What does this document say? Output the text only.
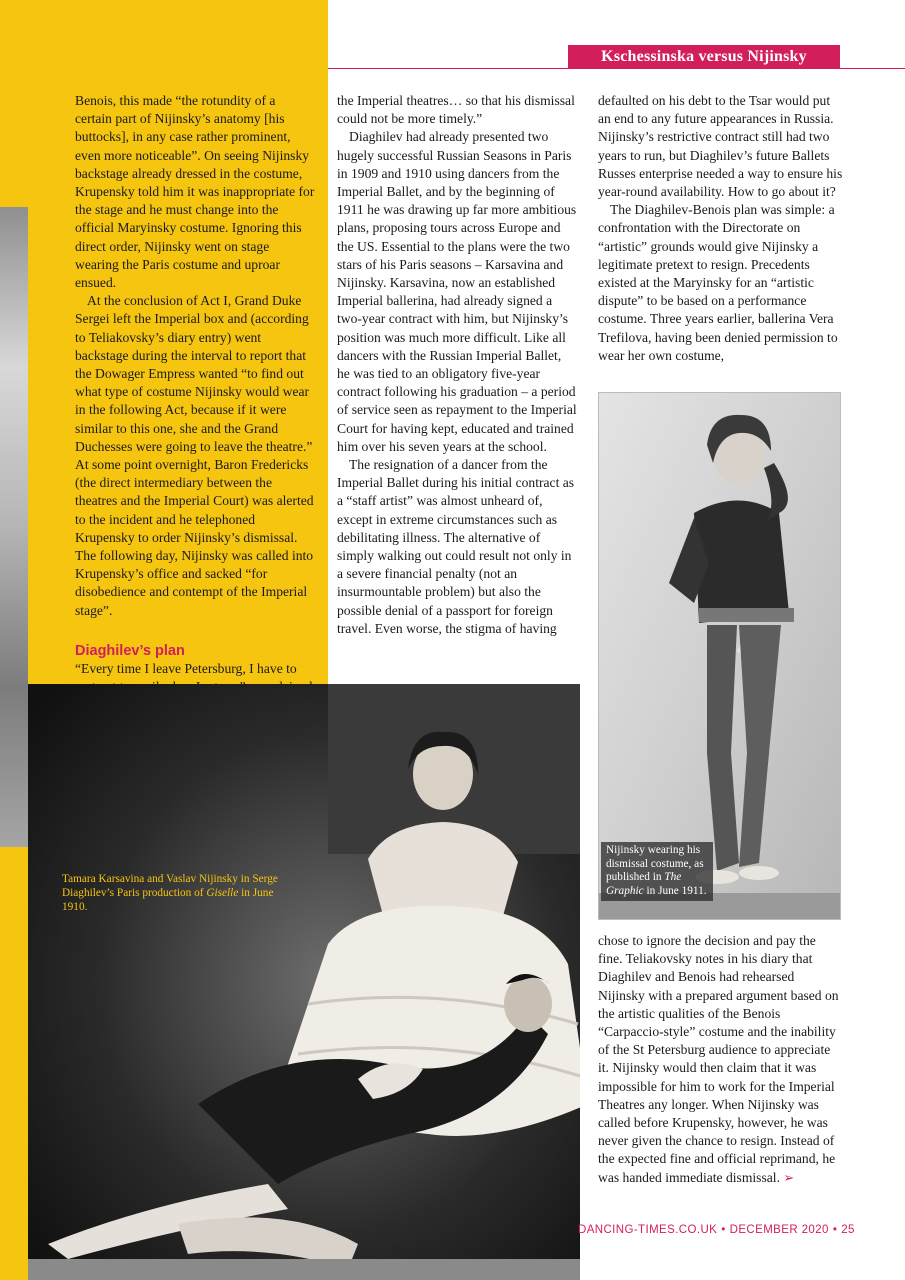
Kschessinska versus Nijinsky

Benois, this made “the rotundity of a certain part of Nijinsky’s anatomy [his buttocks], in any case rather prominent, even more noticeable”. On seeing Nijinsky backstage already dressed in the costume, Krupensky told him it was inappropriate for the stage and he must change into the official Maryinsky costume. Ignoring this direct order, Nijinsky went on stage wearing the Paris costume and uproar ensued.

At the conclusion of Act I, Grand Duke Sergei left the Imperial box and (according to Teliakovsky’s diary entry) went backstage during the interval to report that the Dowager Empress wanted “to find out what type of costume Nijinsky would wear in the following Act, because if it were similar to this one, she and the Grand Duchesses were going to leave the theatre.” At some point overnight, Baron Fredericks (the direct intermediary between the theatres and the Imperial Court) was alerted to the incident and he telephoned Krupensky to order Nijinsky’s dismissal. The following day, Nijinsky was called into Krupensky’s office and sacked “for disobedience and contempt of the Imperial stage”.

Diaghilev’s plan

“Every time I leave Petersburg, I have to

the Imperial theatres… so that his dismissal could not be more timely.”

Diaghilev had already presented two hugely successful Russian Seasons in Paris in 1909 and 1910 using dancers from the Imperial Ballet, and by the beginning of 1911 he was drawing up far more ambitious plans, proposing tours across Europe and the US. Essential to the plans were the two stars of his Paris seasons – Karsavina and Nijinsky. Karsavina, now an established Imperial ballerina, had already signed a two-year contract with him, but Nijinsky’s position was much more difficult. Like all dancers with the Russian Imperial Ballet, he was tied to an obligatory five-year contract following his graduation – a period of service seen as repayment to the Imperial Court for having kept, educated and trained him over his seven years at the school.

The resignation of a dancer from the Imperial Ballet during his initial contract as a “staff artist” was almost unheard of, except in extreme circumstances such as debilitating illness. The alternative of simply walking out could result not only in a severe financial penalty (not an insurmountable problem) but also the possible denial of a passport for foreign travel. Even worse, the stigma of having

defaulted on his debt to the Tsar would put an end to any future appearances in Russia. Nijinsky’s restrictive contract still had two years to run, but Diaghilev’s future Ballets Russes enterprise needed a way to ensure his year-round availability. How to go about it?

The Diaghilev-Benois plan was simple: a confrontation with the Directorate on “artistic” grounds would give Nijinsky a legitimate pretext to resign. Precedents existed at the Maryinsky for an “artistic dispute” to be based on a performance costume. Three years earlier, ballerina Vera Trefilova, having been denied permission to wear her own costume,

Tamara Karsavina and Vaslav Nijinsky in Serge Diaghilev’s Paris production of Giselle in June 1910.
Nijinsky wearing his dismissal costume, as published in The Graphic in June 1911.

chose to ignore the decision and pay the fine. Teliakovsky notes in his diary that Diaghilev and Benois had rehearsed Nijinsky with a prepared argument based on the artistic qualities of the Benois “Carpaccio-style” costume and the inability of the St Petersburg audience to appreciate it. Nijinsky would then claim that it was impossible for him to work for the Imperial Theatres any longer. When Nijinsky was called before Krupensky, however, he was never given the chance to resign. Instead of the expected fine and official reprimand, he was handed immediate dismissal. ➢

DANCING-TIMES.CO.UK • DECEMBER 2020 • 25
